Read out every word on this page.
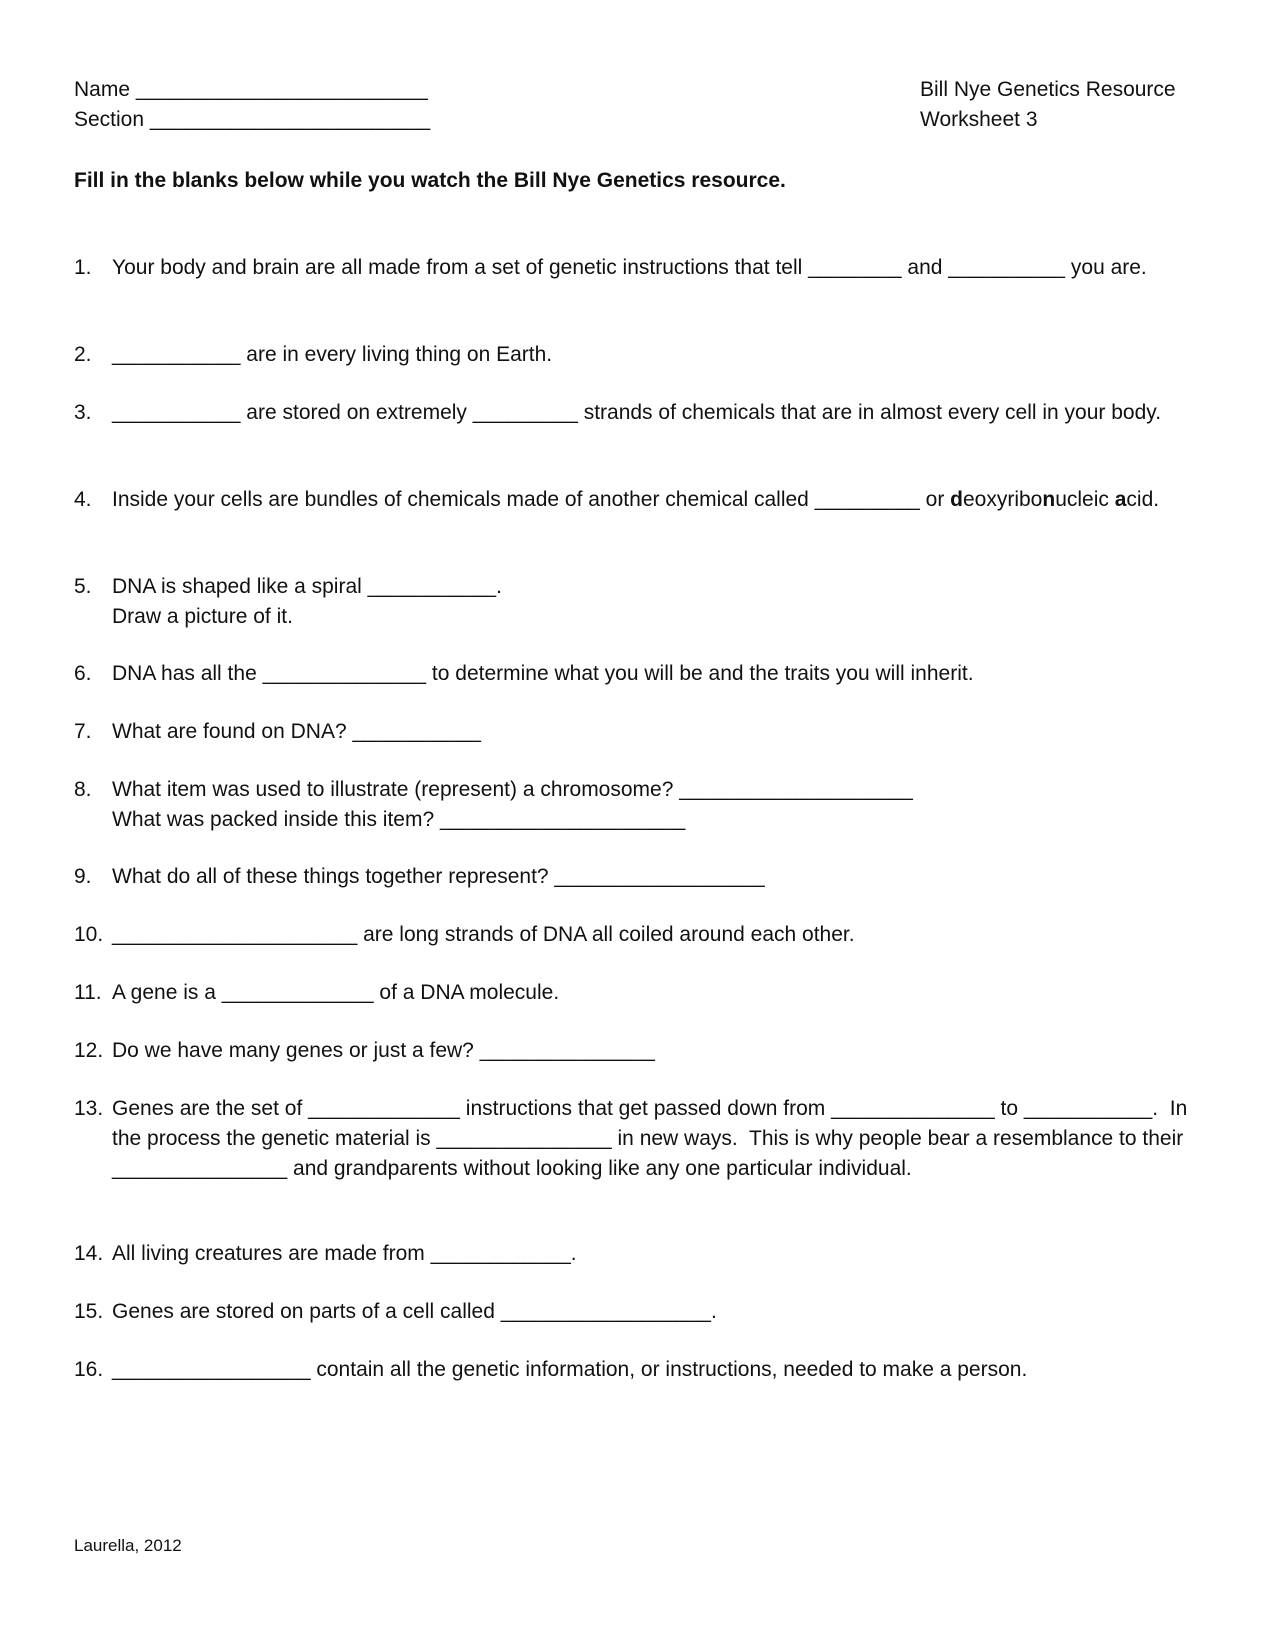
Name _________________________
Section ________________________
Bill Nye Genetics Resource
Worksheet 3
Fill in the blanks below while you watch the Bill Nye Genetics resource.
1. Your body and brain are all made from a set of genetic instructions that tell ________ and __________ you are.
2. ___________ are in every living thing on Earth.
3. ___________ are stored on extremely _________ strands of chemicals that are in almost every cell in your body.
4. Inside your cells are bundles of chemicals made of another chemical called _________ or deoxyribonucleic acid.
5. DNA is shaped like a spiral ___________.
Draw a picture of it.
6. DNA has all the ______________ to determine what you will be and the traits you will inherit.
7. What are found on DNA? ___________
8. What item was used to illustrate (represent) a chromosome? ____________________
What was packed inside this item? _____________________
9. What do all of these things together represent? __________________
10. _____________________ are long strands of DNA all coiled around each other.
11. A gene is a _____________ of a DNA molecule.
12. Do we have many genes or just a few? _______________
13. Genes are the set of _____________ instructions that get passed down from ______________ to ___________.  In the process the genetic material is _______________ in new ways.  This is why people bear a resemblance to their _______________ and grandparents without looking like any one particular individual.
14. All living creatures are made from ____________.
15. Genes are stored on parts of a cell called __________________.
16. _________________ contain all the genetic information, or instructions, needed to make a person.
Laurella, 2012
